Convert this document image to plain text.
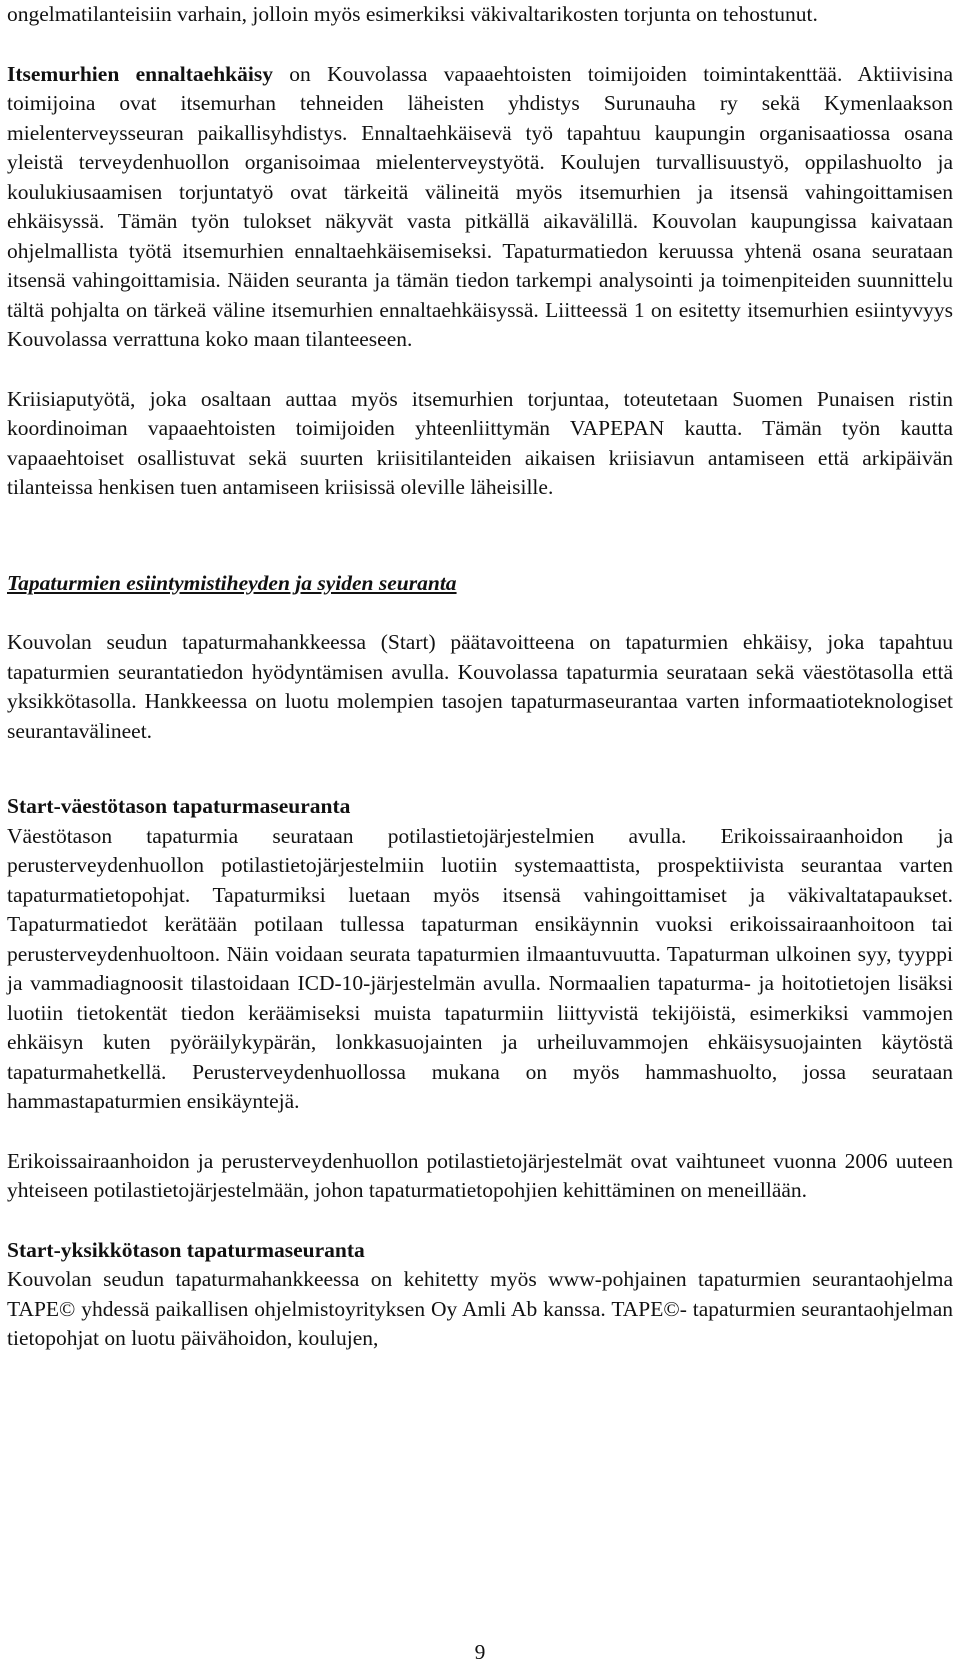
ongelmatilanteisiin varhain, jolloin myös esimerkiksi väkivaltarikosten torjunta on tehostunut.

Itsemurhien ennaltaehkäisy on Kouvolassa vapaaehtoisten toimijoiden toimintakenttää. Aktiivisina toimijoina ovat itsemurhan tehneiden läheisten yhdistys Surunauha ry sekä Kymenlaakson mielenterveysseuran paikallisyhdistys. Ennaltaehkäisevä työ tapahtuu kaupungin organisaatiossa osana yleistä terveydenhuollon organisoimaa mielenterveystyötä. Koulujen turvallisuustyö, oppilashuolto ja koulukiusaamisen torjuntatyö ovat tärkeitä välineitä myös itsemurhien ja itsensä vahingoittamisen ehkäisyssä. Tämän työn tulokset näkyvät vasta pitkällä aikavälillä. Kouvolan kaupungissa kaivataan ohjelmallista työtä itsemurhien ennaltaehkäisemiseksi. Tapaturmatiedon keruussa yhtenä osana seurataan itsensä vahingoittamisia. Näiden seuranta ja tämän tiedon tarkempi analysointi ja toimenpiteiden suunnittelu tältä pohjalta on tärkeä väline itsemurhien ennaltaehkäisyssä. Liitteessä 1 on esitetty itsemurhien esiintyvyys Kouvolassa verrattuna koko maan tilanteeseen.

Kriisiaputyötä, joka osaltaan auttaa myös itsemurhien torjuntaa, toteutetaan Suomen Punaisen ristin koordinoiman vapaaehtoisten toimijoiden yhteenliittymän VAPEPAN kautta. Tämän työn kautta vapaaehtoiset osallistuvat sekä suurten kriisitilanteiden aikaisen kriisiavun antamiseen että arkipäivän tilanteissa henkisen tuen antamiseen kriisissä oleville läheisille.

Tapaturmien esiintymistiheyden ja syiden seuranta

Kouvolan seudun tapaturmahankkeessa (Start) päätavoitteena on tapaturmien ehkäisy, joka tapahtuu tapaturmien seurantatiedon hyödyntämisen avulla. Kouvolassa tapaturmia seurataan sekä väestötasolla että yksikkötasolla. Hankkeessa on luotu molempien tasojen tapaturmaseurantaa varten informaatioteknologiset seurantavälineet.

Start-väestötason tapaturmaseuranta

Väestötason tapaturmia seurataan potilastietojärjestelmien avulla. Erikoissairaanhoidon ja perusterveydenhuollon potilastietojärjestelmiin luotiin systemaattista, prospektiivista seurantaa varten tapaturmatietopohjat. Tapaturmiksi luetaan myös itsensä vahingoittamiset ja väkivaltatapaukset. Tapaturmatiedot kerätään potilaan tullessa tapaturman ensikäynnin vuoksi erikoissairaanhoitoon tai perusterveydenhuoltoon. Näin voidaan seurata tapaturmien ilmaantuvuutta. Tapaturman ulkoinen syy, tyyppi ja vammadiagnoosit tilastoidaan ICD-10-järjestelmän avulla. Normaalien tapaturma- ja hoitotietojen lisäksi luotiin tietokentät tiedon keräämiseksi muista tapaturmiin liittyvistä tekijöistä, esimerkiksi vammojen ehkäisyn kuten pyöräilykypärän, lonkkasuojainten ja urheiluvammojen ehkäisysuojainten käytöstä tapaturmahetkellä. Perusterveydenhuollossa mukana on myös hammashuolto, jossa seurataan hammastapaturmien ensikäyntejä.

Erikoissairaanhoidon ja perusterveydenhuollon potilastietojärjestelmät ovat vaihtuneet vuonna 2006 uuteen yhteiseen potilastietojärjestelmään, johon tapaturmatietopohjien kehittäminen on meneillään.

Start-yksikkötason tapaturmaseuranta

Kouvolan seudun tapaturmahankkeessa on kehitetty myös www-pohjainen tapaturmien seurantaohjelma TAPE© yhdessä paikallisen ohjelmistoyrityksen Oy Amli Ab kanssa. TAPE©- tapaturmien seurantaohjelman tietopohjat on luotu päivähoidon, koulujen,

9
